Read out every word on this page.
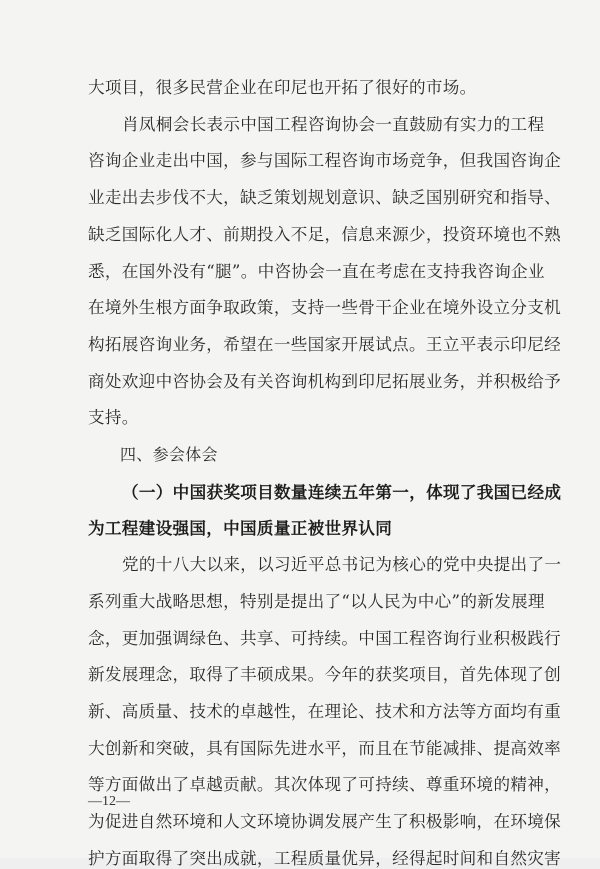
大项目，很多民营企业在印尼也开拓了很好的市场。
肖凤桐会长表示中国工程咨询协会一直鼓励有实力的工程
咨询企业走出中国，参与国际工程咨询市场竞争，但我国咨询企
业走出去步伐不大，缺乏策划规划意识、缺乏国别研究和指导、
缺乏国际化人才、前期投入不足，信息来源少，投资环境也不熟
悉，在国外没有“腿”。中咨协会一直在考虑在支持我咨询企业
在境外生根方面争取政策，支持一些骨干企业在境外设立分支机
构拓展咨询业务，希望在一些国家开展试点。王立平表示印尼经
商处欢迎中咨协会及有关咨询机构到印尼拓展业务，并积极给予
支持。
四、参会体会
（一）中国获奖项目数量连续五年第一，体现了我国已经成
为工程建设强国，中国质量正被世界认同
党的十八大以来，以习近平总书记为核心的党中央提出了一
系列重大战略思想，特别是提出了“以人民为中心”的新发展理
念，更加强调绿色、共享、可持续。中国工程咨询行业积极践行
新发展理念，取得了丰硕成果。今年的获奖项目，首先体现了创
新、高质量、技术的卓越性，在理论、技术和方法等方面均有重
大创新和突破，具有国际先进水平，而且在节能减排、提高效率
等方面做出了卓越贡献。其次体现了可持续、尊重环境的精神，
为促进自然环境和人文环境协调发展产生了积极影响，在环境保
护方面取得了突出成就，工程质量优异，经得起时间和自然灾害
—12—
